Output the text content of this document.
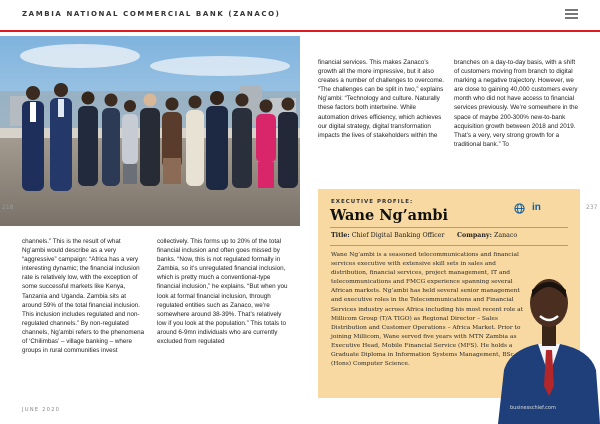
ZAMBIA NATIONAL COMMERCIAL BANK (ZANACO)
218	237
channels.” This is the result of what Ng’ambi would describe as a very “aggressive” campaign: “Africa has a very interesting dynamic; the financial inclusion rate is relatively low, with the exception of some successful markets like Kenya, Tanzania and Uganda. Zambia sits at around 59% of the total financial inclusion. This inclusion includes regulated and non-regulated channels.” By non-regulated channels, Ng’ambi refers to the phenomena of ‘Chilimbas’ – village banking – where groups in rural communities invest
collectively. This forms up to 20% of the total financial inclusion and often goes missed by banks. “Now, this is not regulated formally in Zambia, so it’s unregulated financial inclusion, which is pretty much a conventional-type financial inclusion,” he explains. “But when you look at formal financial inclusion, through regulated entities such as Zanaco, we’re somewhere around 38-39%. That’s relatively low if you look at the population.” This totals to around 6-9mn individuals who are currently excluded from regulated
JUNE 2020
financial services. This makes Zanaco’s growth all the more impressive, but it also creates a number of challenges to overcome.
“The challenges can be split in two,” explains Ng’ambi: “Technology and culture. Naturally these factors both intertwine. While automation drives efficiency, which achieves our digital strategy, digital transformation impacts the lives of stakeholders within the
branches on a day-to-day basis, with a shift of customers moving from branch to digital marking a negative trajectory. However, we are close to gaining 40,000 customers every month who did not have access to financial services previously. We’re somewhere in the space of maybe 200-300% new-to-bank acquisition growth between 2018 and 2019. That’s a very, very strong growth for a traditional bank.” To
EXECUTIVE PROFILE:
Wane Ng’ambi	in
Title: Chief Digital Banking Officer Company: Zanaco
Wane Ng’ambi is a seasoned telecommunications and financial services executive with extensive skill sets in sales and distribution, financial services, project management, IT and telecommunications and FMCG experience spanning several African markets. Ng’ambi has held several senior management and executive roles in the Telecommunications and Financial Services industry across Africa including his most recent role at Millicom Group (T/A TIGO) as Regional Director – Sales Distribution and Customer Operations – Africa Market. Prior to joining Millicom, Wane served five years with MTN Zambia as Executive Head, Mobile Financial Service (MFS). He holds a Graduate Diploma in Information Systems Management, BSc (Hons) Computer Science.
businesschief.com
